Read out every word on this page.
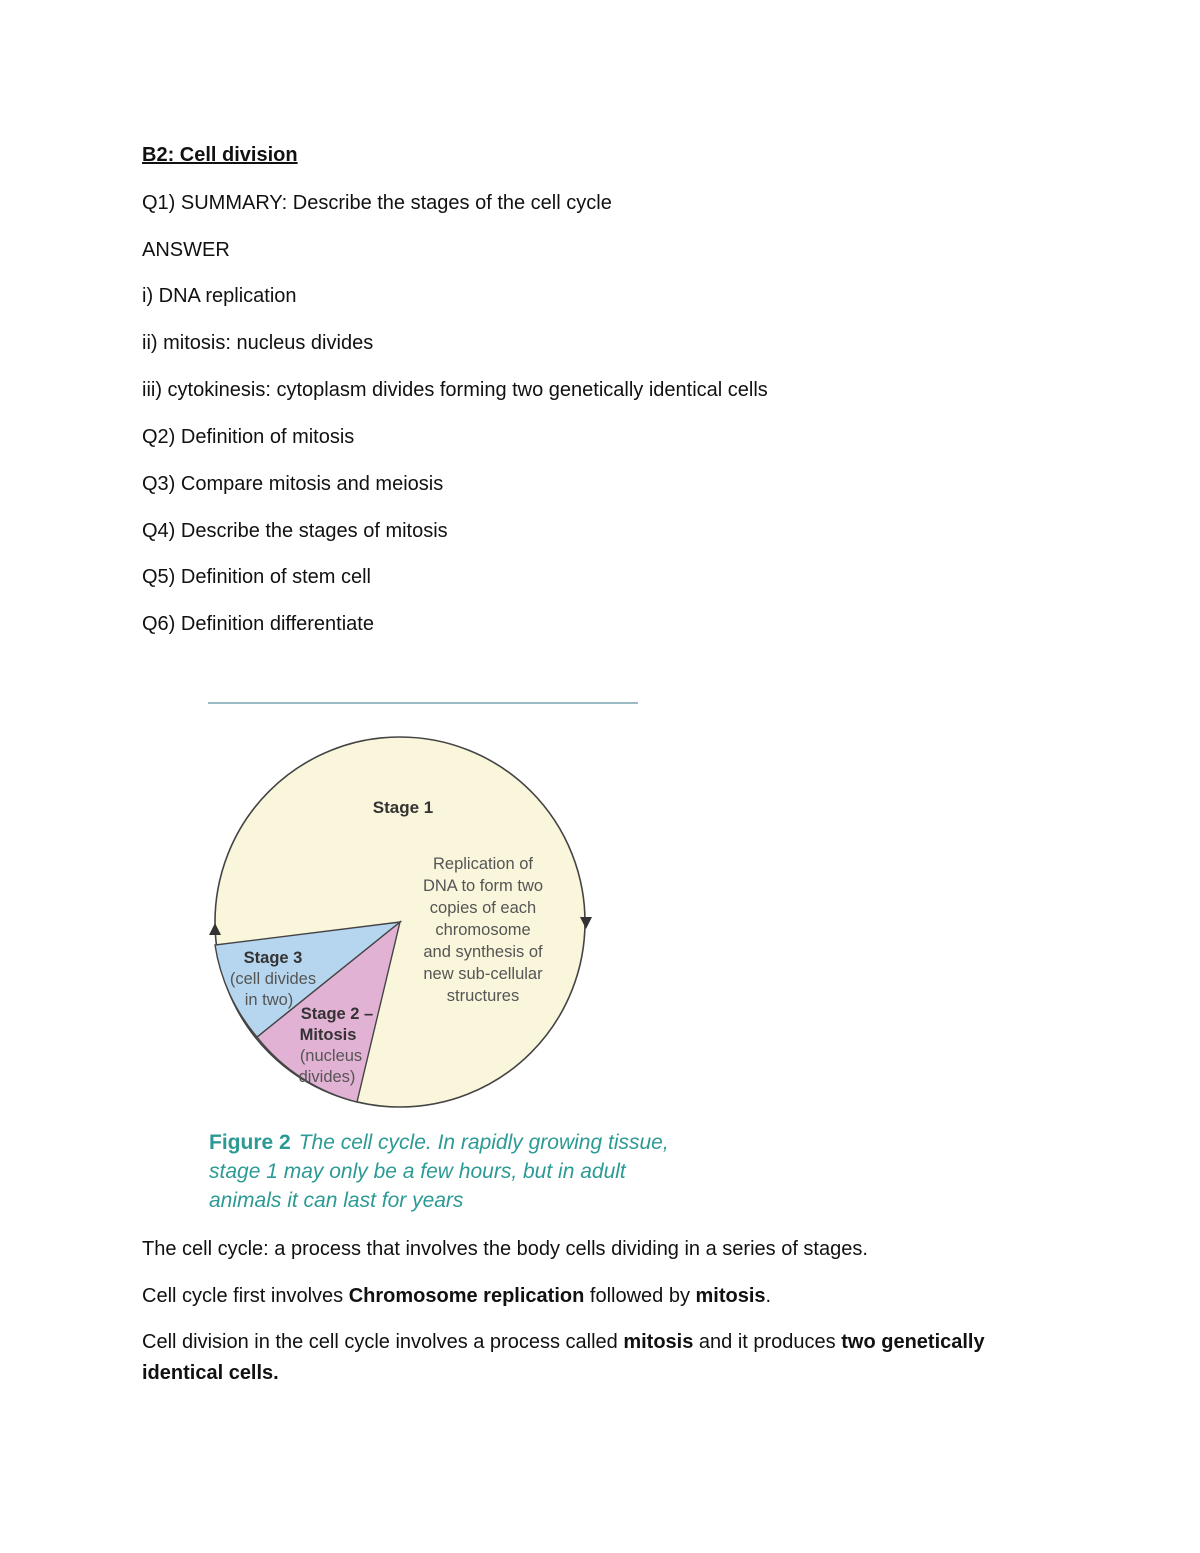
B2: Cell division

Q1) SUMMARY: Describe the stages of the cell cycle

ANSWER

i) DNA replication

ii) mitosis: nucleus divides

iii) cytokinesis: cytoplasm divides forming two genetically identical cells

Q2) Definition of mitosis

Q3) Compare mitosis and meiosis

Q4) Describe the stages of mitosis

Q5) Definition of stem cell

Q6) Definition differentiate

The cell cycle: a process that involves the body cells dividing in a series of stages.

Cell cycle first involves Chromosome replication followed by mitosis.

Cell division in the cell cycle involves a process called mitosis and it produces two genetically identical cells.

Stage 1
Replication of
DNA to form two
copies of each
chromosome
and synthesis of
new sub-cellular
structures
Stage 3
(cell divides
in two)
Stage 2 –
Mitosis
(nucleus
divides)
Figure 2 The cell cycle. In rapidly growing tissue, stage 1 may only be a few hours, but in adult animals it can last for years
